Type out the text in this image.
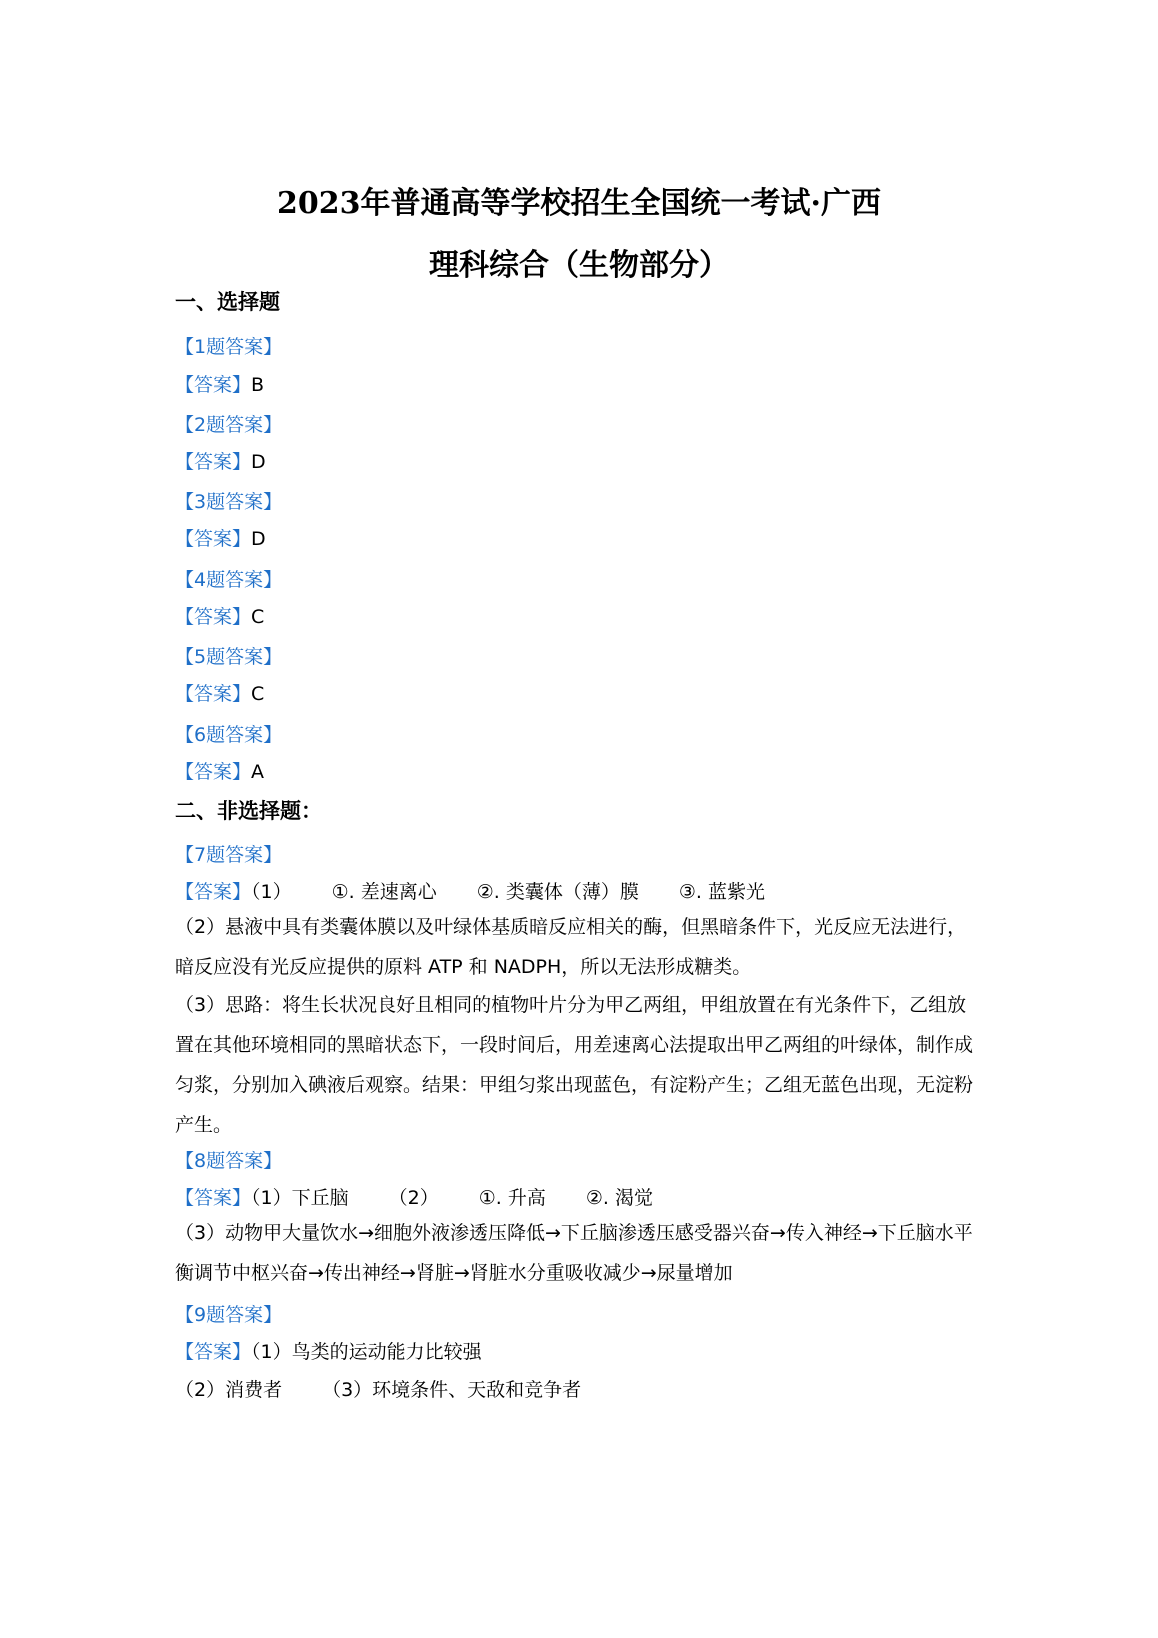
2023年普通高等学校招生全国统一考试·广西
理科综合（生物部分）
一、选择题
【1题答案】
【答案】B
【2题答案】
【答案】D
【3题答案】
【答案】D
【4题答案】
【答案】C
【5题答案】
【答案】C
【6题答案】
【答案】A
二、非选择题：
【7题答案】
【答案】（1） ①. 差速离心 ②. 类囊体（薄）膜 ③. 蓝紫光
（2）悬液中具有类囊体膜以及叶绿体基质暗反应相关的酶，但黑暗条件下，光反应无法进行，暗反应没有光反应提供的原料 ATP 和 NADPH，所以无法形成糖类。
（3）思路：将生长状况良好且相同的植物叶片分为甲乙两组，甲组放置在有光条件下，乙组放置在其他环境相同的黑暗状态下，一段时间后，用差速离心法提取出甲乙两组的叶绿体，制作成匀浆，分别加入碘液后观察。结果：甲组匀浆出现蓝色，有淀粉产生；乙组无蓝色出现，无淀粉产生。
【8题答案】
【答案】（1）下丘脑 （2） ①. 升高 ②. 渴觉
（3）动物甲大量饮水→细胞外液渗透压降低→下丘脑渗透压感受器兴奋→传入神经→下丘脑水平衡调节中枢兴奋→传出神经→肾脏→肾脏水分重吸收减少→尿量增加
【9题答案】
【答案】（1）鸟类的运动能力比较强
（2）消费者 （3）环境条件、天敌和竞争者
